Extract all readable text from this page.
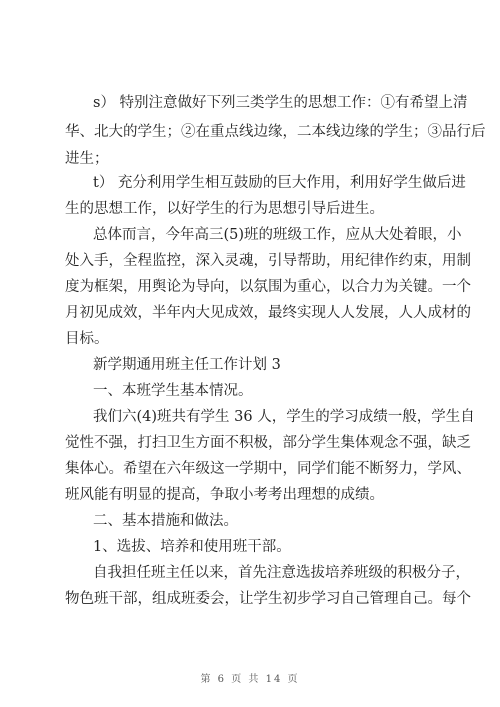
s） 特别注意做好下列三类学生的思想工作：①有希望上清
华、北大的学生；②在重点线边缘，二本线边缘的学生；③品行后
进生；
t） 充分利用学生相互鼓励的巨大作用，利用好学生做后进
生的思想工作，以好学生的行为思想引导后进生。
总体而言，今年高三(5)班的班级工作，应从大处着眼，小
处入手，全程监控，深入灵魂，引导帮助，用纪律作约束，用制
度为框架，用舆论为导向，以氛围为重心，以合力为关键。一个
月初见成效，半年内大见成效，最终实现人人发展，人人成材的
目标。
新学期通用班主任工作计划 3
一、本班学生基本情况。
我们六(4)班共有学生 36 人，学生的学习成绩一般，学生自
觉性不强，打扫卫生方面不积极，部分学生集体观念不强，缺乏
集体心。希望在六年级这一学期中，同学们能不断努力，学风、
班风能有明显的提高，争取小考考出理想的成绩。
二、基本措施和做法。
1、选拔、培养和使用班干部。
自我担任班主任以来，首先注意选拔培养班级的积极分子，
物色班干部，组成班委会，让学生初步学习自己管理自己。每个
第 6 页 共 14 页
